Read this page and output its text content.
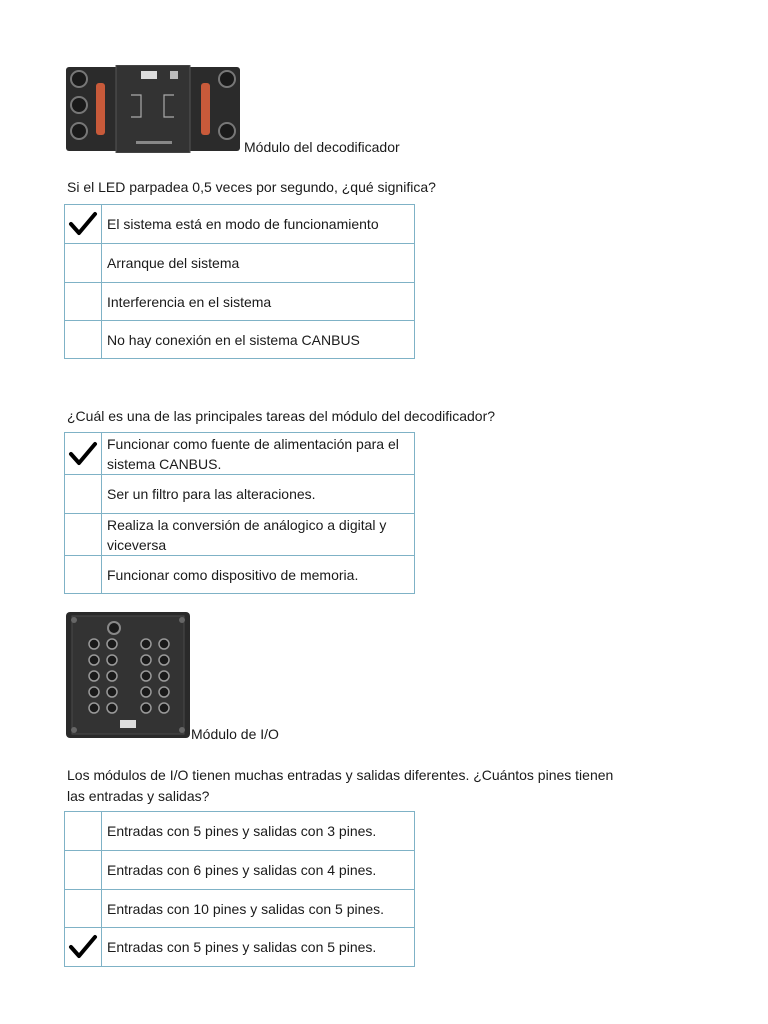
Módulo del decodificador
Si el LED parpadea 0,5 veces por segundo, ¿qué significa?
	El sistema está en modo de funcionamiento
	Arranque del sistema
	Interferencia en el sistema
	No hay conexión en el sistema CANBUS
¿Cuál es una de las principales tareas del módulo del decodificador?
	Funcionar como fuente de alimentación para el sistema CANBUS.
	Ser un filtro para las alteraciones.
	Realiza la conversión de análogico a digital y viceversa
	Funcionar como dispositivo de memoria.
Módulo de I/O
Los módulos de I/O tienen muchas entradas y salidas diferentes. ¿Cuántos pines tienen las entradas y salidas?
	Entradas con 5 pines y salidas con 3 pines.
	Entradas con 6 pines y salidas con 4 pines.
	Entradas con 10 pines y salidas con 5 pines.

	Entradas con 5 pines y salidas con 5 pines.
